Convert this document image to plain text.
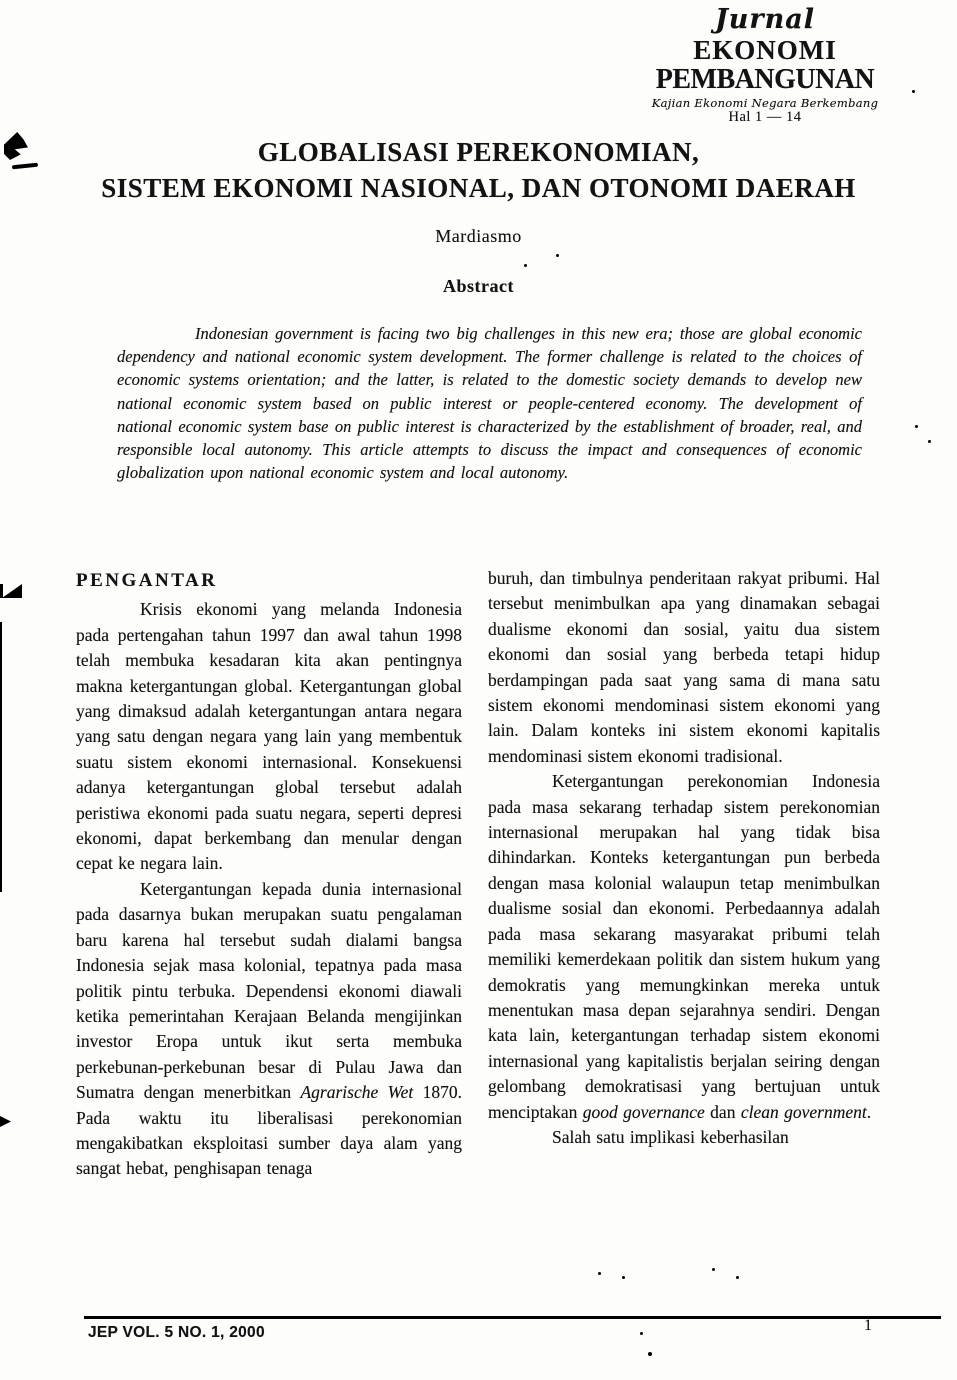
Jurnal
EKONOMI
PEMBANGUNAN
Kajian Ekonomi Negara Berkembang
Hal 1 — 14
GLOBALISASI PEREKONOMIAN,
SISTEM EKONOMI NASIONAL, DAN OTONOMI DAERAH
Mardiasmo
Abstract
Indonesian government is facing two big challenges in this new era; those are global economic dependency and national economic system development. The former challenge is related to the choices of economic systems orientation; and the latter, is related to the domestic society demands to develop new national economic system based on public interest or people-centered economy. The development of national economic system base on public interest is characterized by the establishment of broader, real, and responsible local autonomy. This article attempts to discuss the impact and consequences of economic globalization upon national economic system and local autonomy.
PENGANTAR

Krisis ekonomi yang melanda Indonesia pada pertengahan tahun 1997 dan awal tahun 1998 telah membuka kesadaran kita akan pentingnya makna ketergantungan global. Ketergantungan global yang dimaksud adalah ketergantungan antara negara yang satu dengan negara yang lain yang membentuk suatu sistem ekonomi internasional. Konsekuensi adanya ketergantungan global tersebut adalah peristiwa ekonomi pada suatu negara, seperti depresi ekonomi, dapat berkembang dan menular dengan cepat ke negara lain.

Ketergantungan kepada dunia internasional pada dasarnya bukan merupakan suatu pengalaman baru karena hal tersebut sudah dialami bangsa Indonesia sejak masa kolonial, tepatnya pada masa politik pintu terbuka. Dependensi ekonomi diawali ketika pemerintahan Kerajaan Belanda mengijinkan investor Eropa untuk ikut serta membuka perkebunan-perkebunan besar di Pulau Jawa dan Sumatra dengan menerbitkan Agrarische Wet 1870. Pada waktu itu liberalisasi perekonomian mengakibatkan eksploitasi sumber daya alam yang sangat hebat, penghisapan tenaga

buruh, dan timbulnya penderitaan rakyat pribumi. Hal tersebut menimbulkan apa yang dinamakan sebagai dualisme ekonomi dan sosial, yaitu dua sistem ekonomi dan sosial yang berbeda tetapi hidup berdampingan pada saat yang sama di mana satu sistem ekonomi mendominasi sistem ekonomi yang lain. Dalam konteks ini sistem ekonomi kapitalis mendominasi sistem ekonomi tradisional.

Ketergantungan perekonomian Indonesia pada masa sekarang terhadap sistem perekonomian internasional merupakan hal yang tidak bisa dihindarkan. Konteks ketergantungan pun berbeda dengan masa kolonial walaupun tetap menimbulkan dualisme sosial dan ekonomi. Perbedaannya adalah pada masa sekarang masyarakat pribumi telah memiliki kemerdekaan politik dan sistem hukum yang demokratis yang memungkinkan mereka untuk menentukan masa depan sejarahnya sendiri. Dengan kata lain, ketergantungan terhadap sistem ekonomi internasional yang kapitalistis berjalan seiring dengan gelombang demokratisasi yang bertujuan untuk menciptakan good governance dan clean government.

Salah satu implikasi keberhasilan

JEP VOL. 5 NO. 1, 2000	1
